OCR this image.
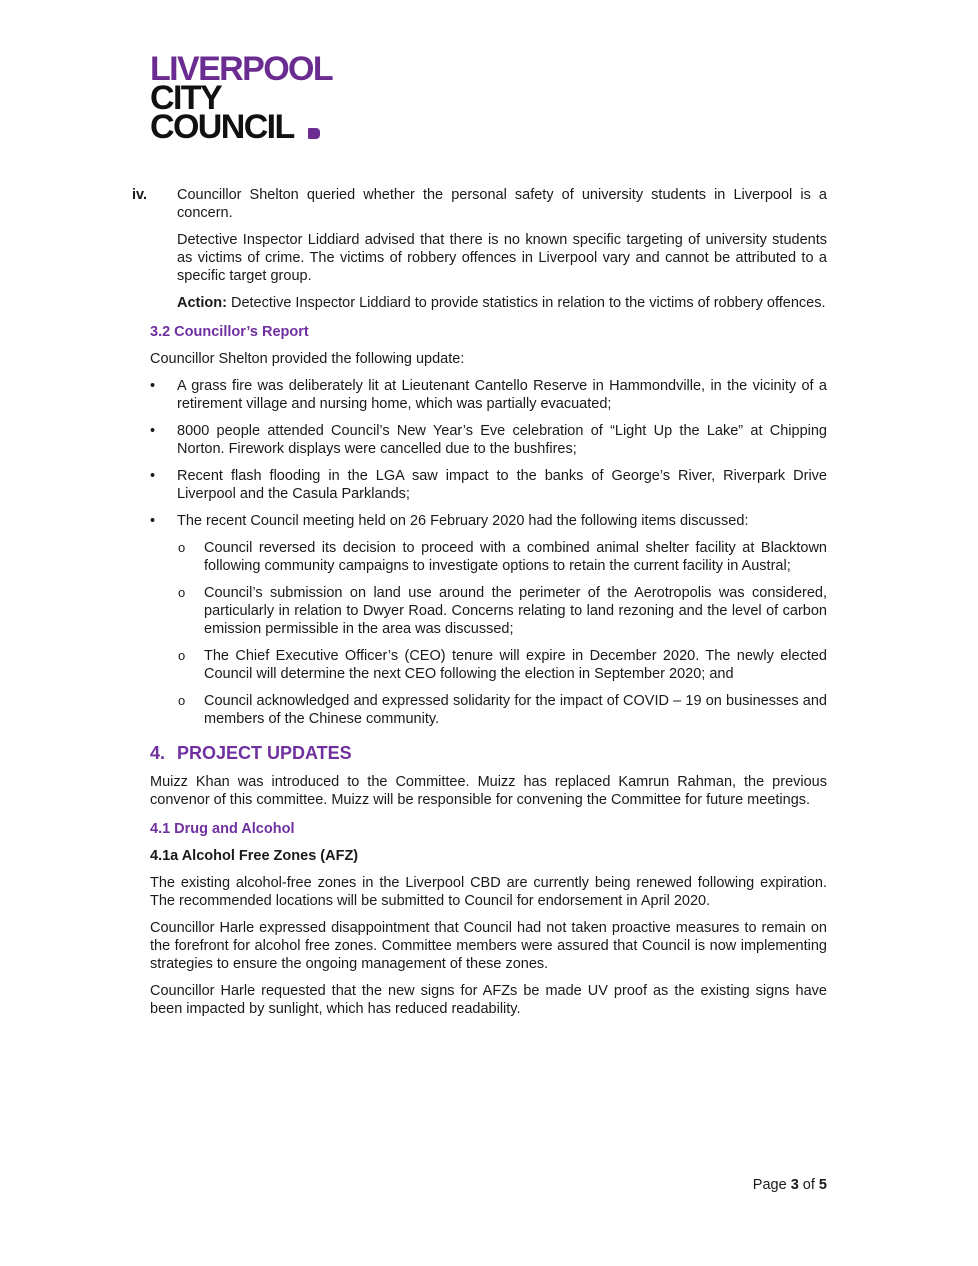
LIVERPOOL
CITY
COUNCIL
iv. Councillor Shelton queried whether the personal safety of university students in Liverpool is a concern.

Detective Inspector Liddiard advised that there is no known specific targeting of university students as victims of crime. The victims of robbery offences in Liverpool vary and cannot be attributed to a specific target group.

Action: Detective Inspector Liddiard to provide statistics in relation to the victims of robbery offences.

3.2 Councillor’s Report

Councillor Shelton provided the following update:

• A grass fire was deliberately lit at Lieutenant Cantello Reserve in Hammondville, in the vicinity of a retirement village and nursing home, which was partially evacuated;

• 8000 people attended Council’s New Year’s Eve celebration of “Light Up the Lake” at Chipping Norton. Firework displays were cancelled due to the bushfires;

• Recent flash flooding in the LGA saw impact to the banks of George’s River, Riverpark Drive Liverpool and the Casula Parklands;

• The recent Council meeting held on 26 February 2020 had the following items discussed:

o Council reversed its decision to proceed with a combined animal shelter facility at Blacktown following community campaigns to investigate options to retain the current facility in Austral;

o Council’s submission on land use around the perimeter of the Aerotropolis was considered, particularly in relation to Dwyer Road. Concerns relating to land rezoning and the level of carbon emission permissible in the area was discussed;

o The Chief Executive Officer’s (CEO) tenure will expire in December 2020. The newly elected Council will determine the next CEO following the election in September 2020; and

o Council acknowledged and expressed solidarity for the impact of COVID – 19 on businesses and members of the Chinese community.

4. PROJECT UPDATES

Muizz Khan was introduced to the Committee. Muizz has replaced Kamrun Rahman, the previous convenor of this committee. Muizz will be responsible for convening the Committee for future meetings.

4.1 Drug and Alcohol
4.1a Alcohol Free Zones (AFZ)

The existing alcohol-free zones in the Liverpool CBD are currently being renewed following expiration. The recommended locations will be submitted to Council for endorsement in April 2020.

Councillor Harle expressed disappointment that Council had not taken proactive measures to remain on the forefront for alcohol free zones. Committee members were assured that Council is now implementing strategies to ensure the ongoing management of these zones.

Councillor Harle requested that the new signs for AFZs be made UV proof as the existing signs have been impacted by sunlight, which has reduced readability.

Page 3 of 5
